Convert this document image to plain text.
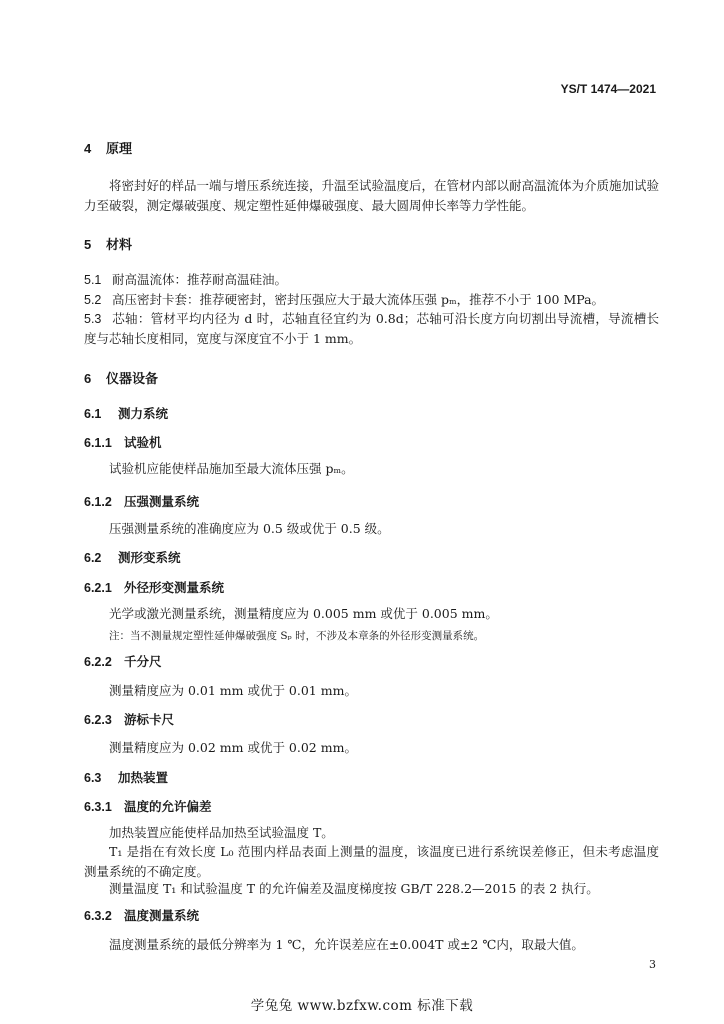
YS/T 1474—2021
4 原理
将密封好的样品一端与增压系统连接，升温至试验温度后，在管材内部以耐高温流体为介质施加试验力至破裂，测定爆破强度、规定塑性延伸爆破强度、最大圆周伸长率等力学性能。
5 材料
5.1 耐高温流体：推荐耐高温硅油。
5.2 高压密封卡套：推荐硬密封，密封压强应大于最大流体压强 pₘ，推荐不小于 100 MPa。
5.3 芯轴：管材平均内径为 d 时，芯轴直径宜约为 0.8d；芯轴可沿长度方向切割出导流槽，导流槽长度与芯轴长度相同，宽度与深度宜不小于 1 mm。
6 仪器设备
6.1 测力系统
6.1.1 试验机
试验机应能使样品施加至最大流体压强 pₘ。
6.1.2 压强测量系统
压强测量系统的准确度应为 0.5 级或优于 0.5 级。
6.2 测形变系统
6.2.1 外径形变测量系统
光学或激光测量系统，测量精度应为 0.005 mm 或优于 0.005 mm。
注：当不测量规定塑性延伸爆破强度 Sₚ 时，不涉及本章条的外径形变测量系统。
6.2.2 千分尺
测量精度应为 0.01 mm 或优于 0.01 mm。
6.2.3 游标卡尺
测量精度应为 0.02 mm 或优于 0.02 mm。
6.3 加热装置
6.3.1 温度的允许偏差
加热装置应能使样品加热至试验温度 T。
T₁ 是指在有效长度 L₀ 范围内样品表面上测量的温度，该温度已进行系统误差修正，但未考虑温度测量系统的不确定度。
测量温度 T₁ 和试验温度 T 的允许偏差及温度梯度按 GB/T 228.2—2015 的表 2 执行。
6.3.2 温度测量系统
温度测量系统的最低分辨率为 1 ℃，允许误差应在±0.004T 或±2 ℃内，取最大值。
3
学兔兔 www.bzfxw.com 标准下载
